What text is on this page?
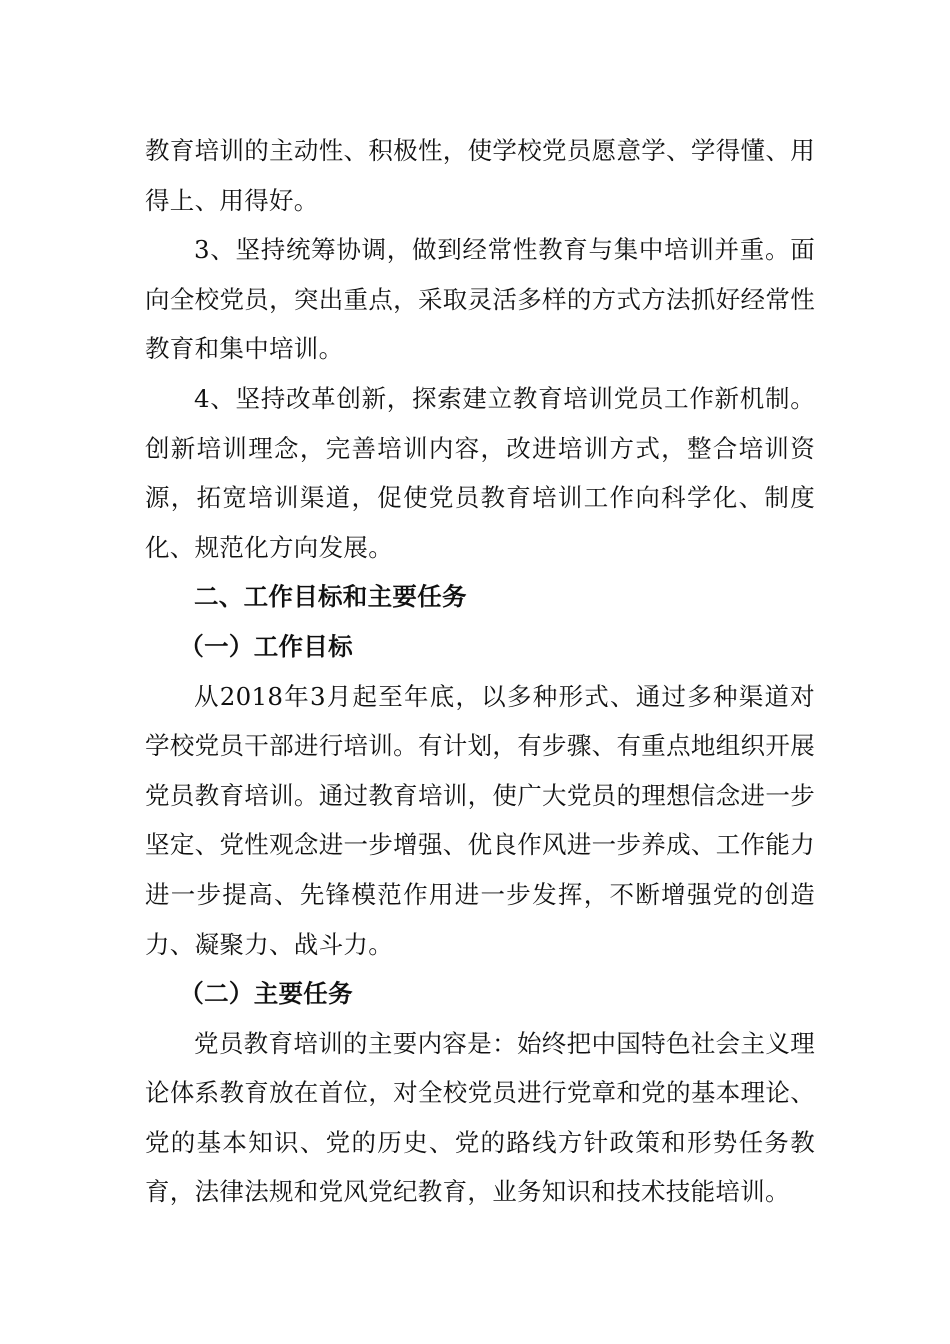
教育培训的主动性、积极性，使学校党员愿意学、学得懂、用得上、用得好。

3、坚持统筹协调，做到经常性教育与集中培训并重。面向全校党员，突出重点，采取灵活多样的方式方法抓好经常性教育和集中培训。

4、坚持改革创新，探索建立教育培训党员工作新机制。创新培训理念，完善培训内容，改进培训方式，整合培训资源，拓宽培训渠道，促使党员教育培训工作向科学化、制度化、规范化方向发展。

二、工作目标和主要任务

（一）工作目标

从2018年3月起至年底，以多种形式、通过多种渠道对学校党员干部进行培训。有计划，有步骤、有重点地组织开展党员教育培训。通过教育培训，使广大党员的理想信念进一步坚定、党性观念进一步增强、优良作风进一步养成、工作能力进一步提高、先锋模范作用进一步发挥，不断增强党的创造力、凝聚力、战斗力。

（二）主要任务

党员教育培训的主要内容是：始终把中国特色社会主义理论体系教育放在首位，对全校党员进行党章和党的基本理论、党的基本知识、党的历史、党的路线方针政策和形势任务教育，法律法规和党风党纪教育，业务知识和技术技能培训。
